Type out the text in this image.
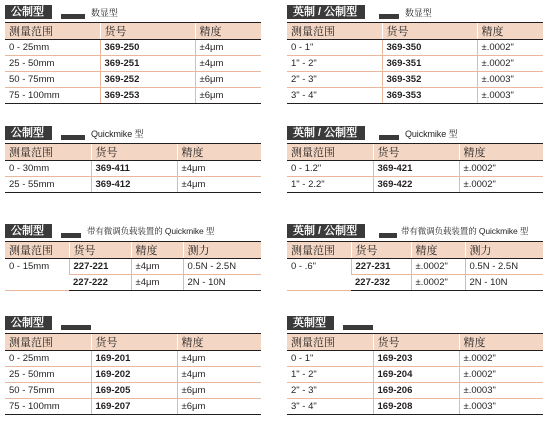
公制型	数显型
测量范围	货号	精度
0 - 25mm	369-250	±4μm
25 - 50mm	369-251	±4μm
50 - 75mm	369-252	±6μm
75 - 100mm	369-253	±6μm
英制 / 公制型	数显型
测量范围	货号	精度
0 - 1"	369-350	±.0002"
1" - 2"	369-351	±.0002"
2" - 3"	369-352	±.0003"
3" - 4"	369-353	±.0003"
公制型	Quickmike 型
测量范围	货号	精度
0 - 30mm	369-411	±4μm
25 - 55mm	369-412	±4μm
英制 / 公制型	Quickmike 型
测量范围	货号	精度
0 - 1.2"	369-421	±.0002"
1" - 2.2"	369-422	±.0002"
公制型	带有微调负载装置的 Quickmike 型
测量范围	货号	精度	测力
0 - 15mm	227-221	±4μm	0.5N - 2.5N
	227-222	±4μm	2N - 10N
英制 / 公制型	带有微调负载装置的 Quickmike 型
测量范围	货号	精度	测力
0 - .6"	227-231	±.0002"	0.5N - 2.5N
	227-232	±.0002"	2N - 10N
公制型
测量范围	货号	精度
0 - 25mm	169-201	±4μm
25 - 50mm	169-202	±4μm
50 - 75mm	169-205	±6μm
75 - 100mm	169-207	±6μm
英制型
测量范围	货号	精度
0 - 1"	169-203	±.0002"
1" - 2"	169-204	±.0002"
2" - 3"	169-206	±.0003"
3" - 4"	169-208	±.0003"
